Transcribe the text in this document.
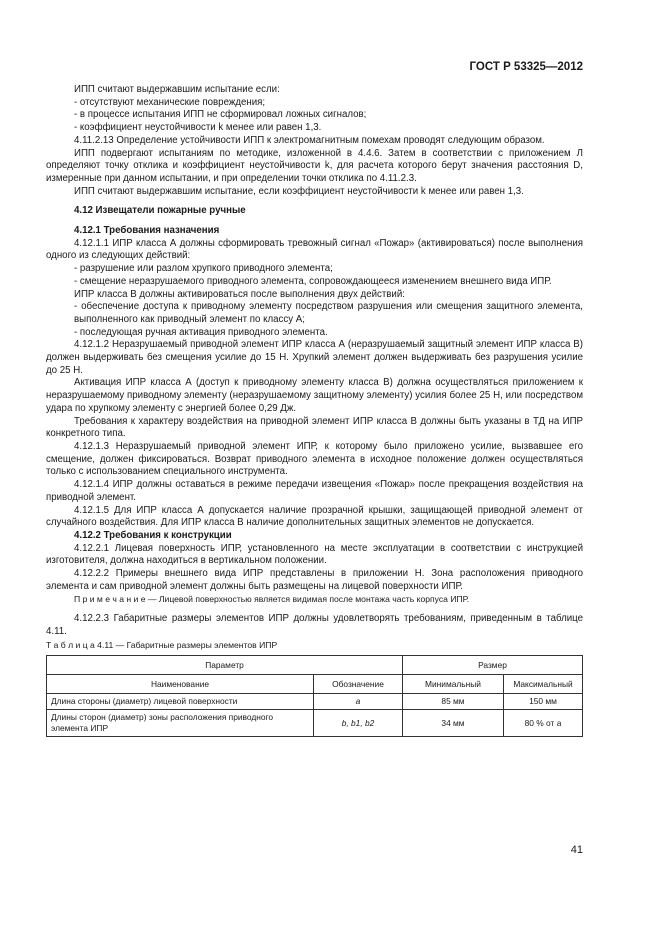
ГОСТ Р 53325—2012

ИПП считают выдержавшим испытание если:

- отсутствуют механические повреждения;

- в процессе испытания ИПП не сформировал ложных сигналов;

- коэффициент неустойчивости k менее или равен 1,3.

4.11.2.13 Определение устойчивости ИПП к электромагнитным помехам проводят следующим образом.

ИПП подвергают испытаниям по методике, изложенной в 4.4.6. Затем в соответствии с приложением Л определяют точку отклика и коэффициент неустойчивости k, для расчета которого берут значения расстояния D, измеренные при данном испытании, и при определении точки отклика по 4.11.2.3.

ИПП считают выдержавшим испытание, если коэффициент неустойчивости k менее или равен 1,3.

4.12 Извещатели пожарные ручные

4.12.1 Требования назначения

4.12.1.1 ИПР класса А должны сформировать тревожный сигнал «Пожар» (активироваться) после выполнения одного из следующих действий:

- разрушение или разлом хрупкого приводного элемента;

- смещение неразрушаемого приводного элемента, сопровождающееся изменением внешнего вида ИПР.

ИПР класса В должны активироваться после выполнения двух действий:

- обеспечение доступа к приводному элементу посредством разрушения или смещения защитного элемента, выполненного как приводный элемент по классу А;

- последующая ручная активация приводного элемента.

4.12.1.2 Неразрушаемый приводной элемент ИПР класса А (неразрушаемый защитный элемент ИПР класса В) должен выдерживать без смещения усилие до 15 Н. Хрупкий элемент должен выдерживать без разрушения усилие до 25 Н.

Активация ИПР класса А (доступ к приводному элементу класса В) должна осуществляться приложением к неразрушаемому приводному элементу (неразрушаемому защитному элементу) усилия более 25 Н, или посредством удара по хрупкому элементу с энергией более 0,29 Дж.

Требования к характеру воздействия на приводной элемент ИПР класса В должны быть указаны в ТД на ИПР конкретного типа.

4.12.1.3 Неразрушаемый приводной элемент ИПР, к которому было приложено усилие, вызвавшее его смещение, должен фиксироваться. Возврат приводного элемента в исходное положение должен осуществляться только с использованием специального инструмента.

4.12.1.4 ИПР должны оставаться в режиме передачи извещения «Пожар» после прекращения воздействия на приводной элемент.

4.12.1.5 Для ИПР класса А допускается наличие прозрачной крышки, защищающей приводной элемент от случайного воздействия. Для ИПР класса В наличие дополнительных защитных элементов не допускается.

4.12.2 Требования к конструкции

4.12.2.1 Лицевая поверхность ИПР, установленного на месте эксплуатации в соответствии с инструкцией изготовителя, должна находиться в вертикальном положении.

4.12.2.2 Примеры внешнего вида ИПР представлены в приложении Н. Зона расположения приводного элемента и сам приводной элемент должны быть размещены на лицевой поверхности ИПР.

П р и м е ч а н и е — Лицевой поверхностью является видимая после монтажа часть корпуса ИПР.

4.12.2.3 Габаритные размеры элементов ИПР должны удовлетворять требованиям, приведенным в таблице 4.11.

Т а б л и ц а 4.11 — Габаритные размеры элементов ИПР

Параметр		Размер	
Наименование	Обозначение	Минимальный	Максимальный
Длина стороны (диаметр) лицевой поверхности	a	85 мм	150 мм
Длины сторон (диаметр) зоны расположения приводного элемента ИПР	b, b1, b2	34 мм	80 % от a
41
